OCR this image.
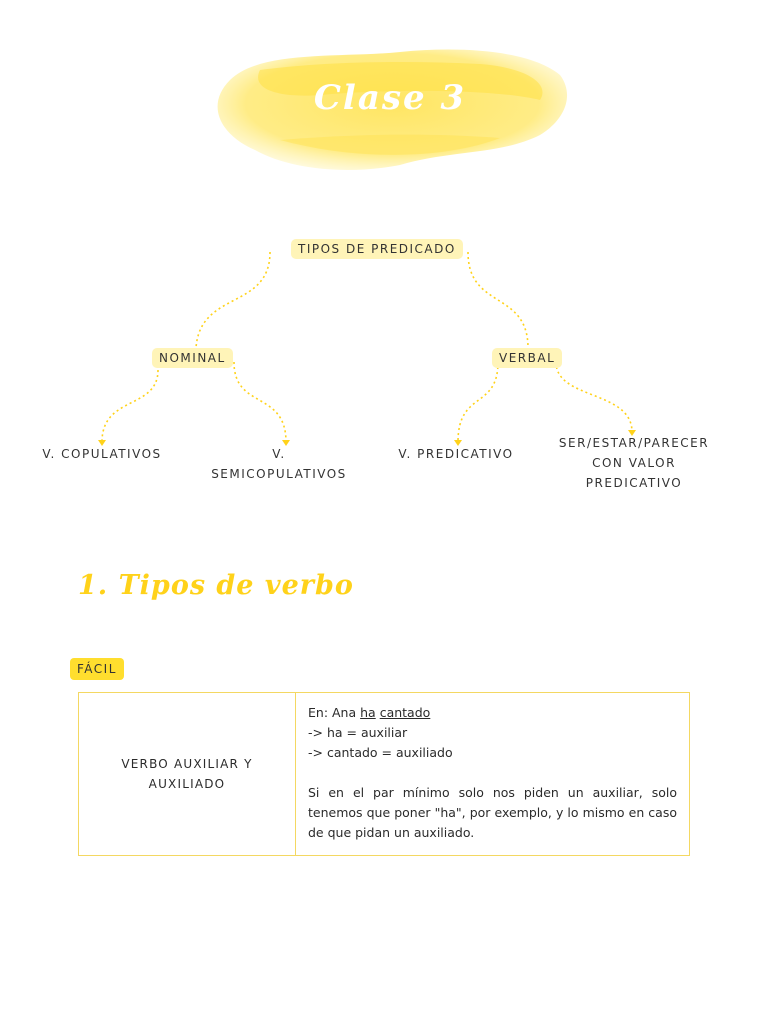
Clase 3
TIPOS DE PREDICADO
NOMINAL	VERBAL
V. COPULATIVOS	V. SEMICOPULATIVOS
V. PREDICATIVO
SER/ESTAR/PARECER CON VALOR PREDICATIVO
1. Tipos de verbo
FÁCIL
VERBO AUXILIAR Y AUXILIADO
En: Ana ha cantado
-> ha = auxiliar
-> cantado = auxiliado
Si en el par mínimo solo nos piden un auxiliar, solo tenemos que poner "ha", por exemplo, y lo mismo en caso de que pidan un auxiliado.
